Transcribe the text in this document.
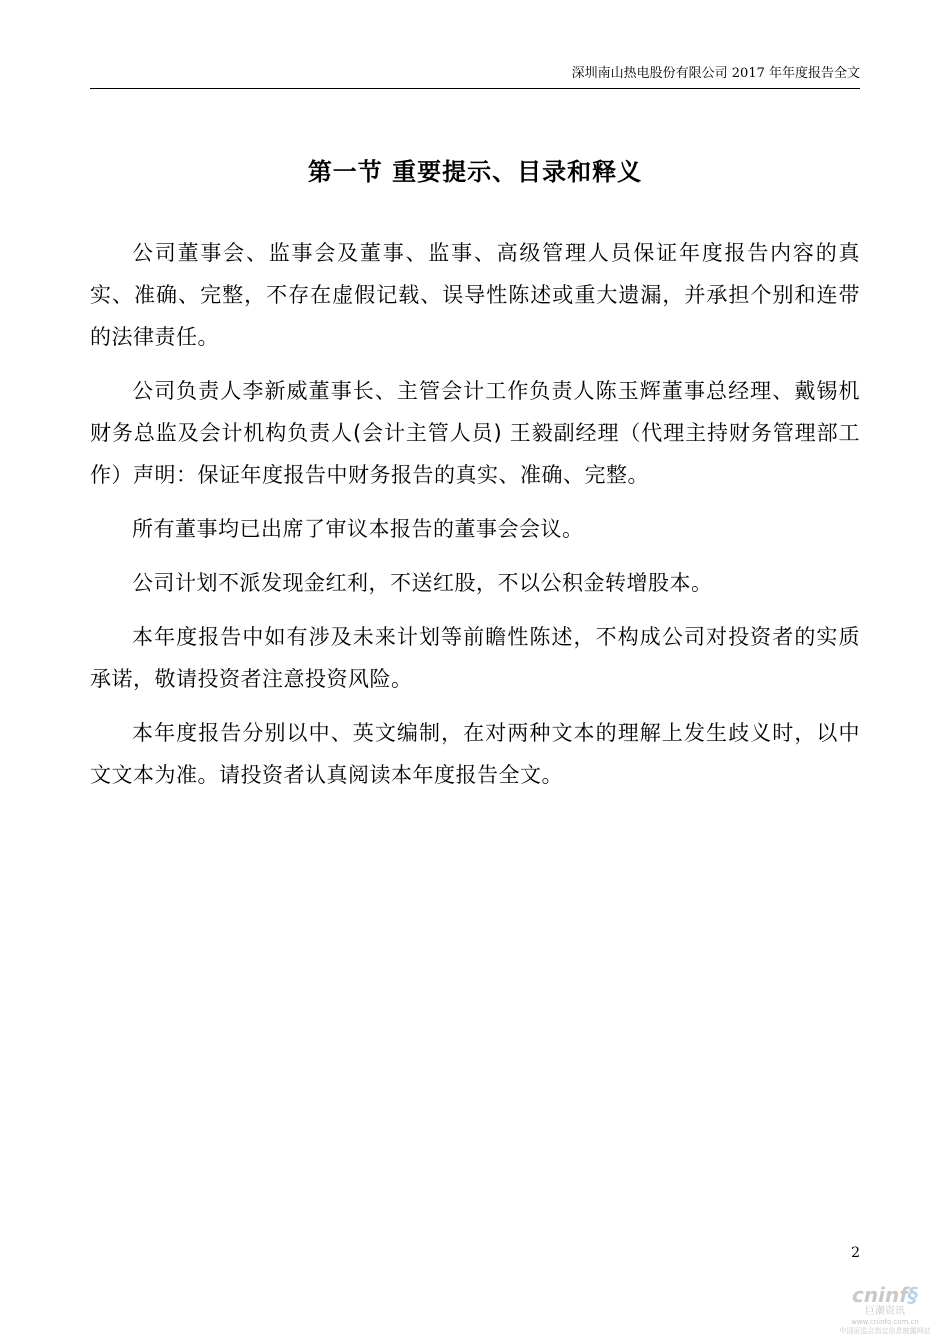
深圳南山热电股份有限公司 2017 年年度报告全文
第一节 重要提示、目录和释义

公司董事会、监事会及董事、监事、高级管理人员保证年度报告内容的真实、准确、完整，不存在虚假记载、误导性陈述或重大遗漏，并承担个别和连带的法律责任。

公司负责人李新威董事长、主管会计工作负责人陈玉辉董事总经理、戴锡机财务总监及会计机构负责人(会计主管人员) 王毅副经理（代理主持财务管理部工作）声明：保证年度报告中财务报告的真实、准确、完整。

所有董事均已出席了审议本报告的董事会会议。

公司计划不派发现金红利，不送红股，不以公积金转增股本。

本年度报告中如有涉及未来计划等前瞻性陈述，不构成公司对投资者的实质承诺，敬请投资者注意投资风险。

本年度报告分别以中、英文编制，在对两种文本的理解上发生歧义时，以中文文本为准。请投资者认真阅读本年度报告全文。

2
cninf§
巨潮资讯
www.cninfo.com.cn
中国证监会指定信息披露网站
